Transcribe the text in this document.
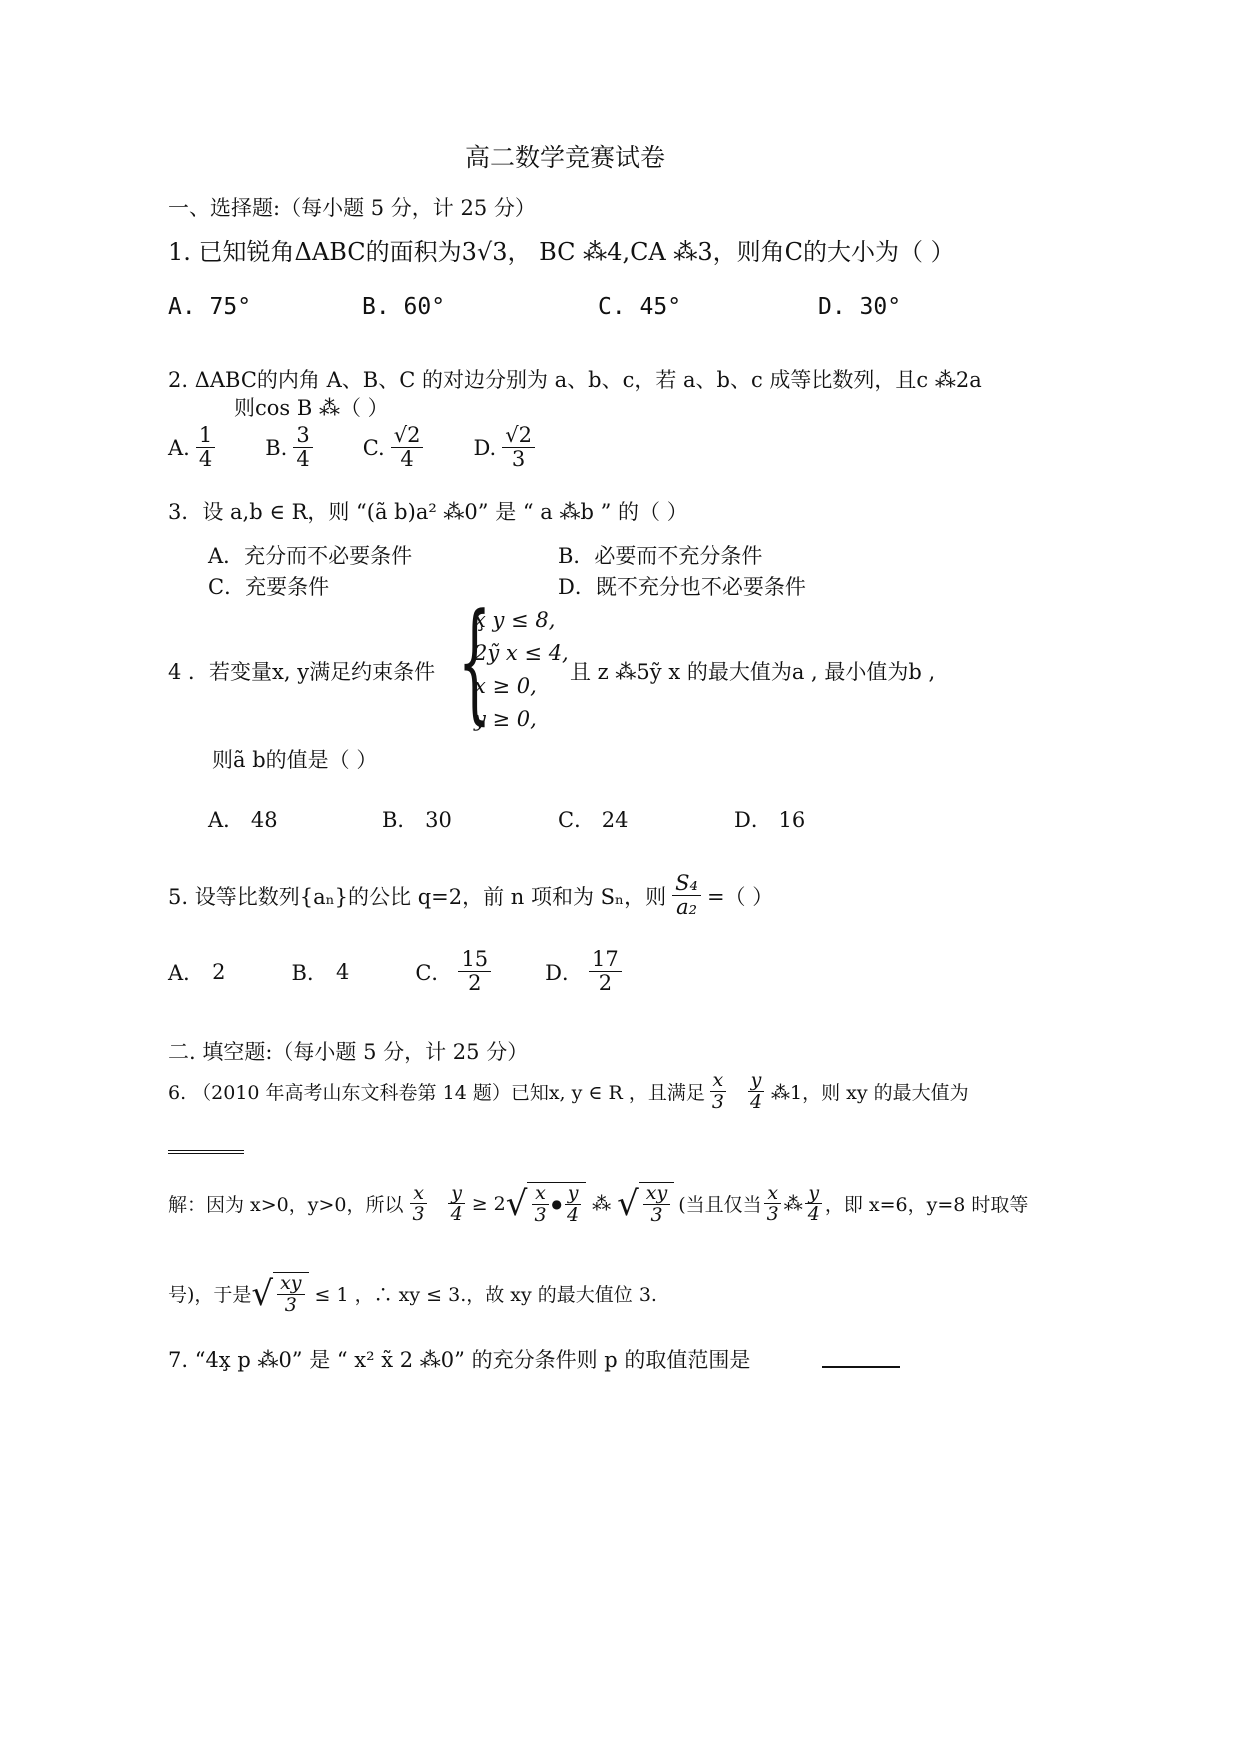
高二数学竞赛试卷
一、选择题:（每小题 5 分，计 25 分）
1. 已知锐角ΔABC的面积为3√3， BC ⁂4,CA ⁂3，则角C的大小为（ ）
A. 75°	B. 60°	C. 45°	D. 30°
2. ΔABC的内角 A、B、C 的对边分别为 a、b、c，若 a、b、c 成等比数列，且c ⁂2a
则cos B ⁂（ ）
A. $\frac{1}{4} B$. $\frac{3}{4} C$. $\frac{√2}{4} D$. $\frac{√2}{3}$
3．设 a,b ∈ R，则 “(ã b)a² ⁂0” 是 “ a ⁂b ” 的（ ）
A．充分而不必要条件	B．必要而不充分条件
C．充要条件	D．既不充分也不必要条件
4 ．若变量x, y满足约束条件 {
x̧ y ≤ 8,
2ỹ x ≤ 4,
x ≥ 0,
y ≥ 0,
且 z ⁂5ỹ x 的最大值为a , 最小值为b ,
则ã b的值是（ ）
A． 48	B． 30	C． 24	D． 16
5. 设等比数列{aₙ}的公比 q=2，前 n 项和为 Sₙ，则 $\frac{\text{S₄}}{\text{a₂}}$ =（ ）
A． 2	B． 4	C． $\frac{15}{2}$	D． $\frac{17}{2}$
二. 填空题:（每小题 5 分，计 25 分）
6. （2010 年高考山东文科卷第 14 题）已知x, y ∈ R ，且满足 $\frac{x}{3} \frac{y}{4}$ ⁂1，则 xy 的最大值为
解：因为 x>0，y>0，所以 $\frac{x}{3} \frac{y}{4} \ge 2$ √ $\frac{x}{3}$ ● $\frac{y}{4}$ ⁂ √ $\frac{xy}{3}$ (当且仅当 $\frac{x}{3}$ ⁂ $\frac{y}{4}$ ，即 x=6，y=8 时取等
号)，于是 √ $\frac{xy}{3} \le 1$ ，∴ xy ≤ 3.，故 xy 的最大值位 3.
7. “4x̧ p ⁂0” 是 “ x² x̃ 2 ⁂0” 的充分条件则 p 的取值范围是
